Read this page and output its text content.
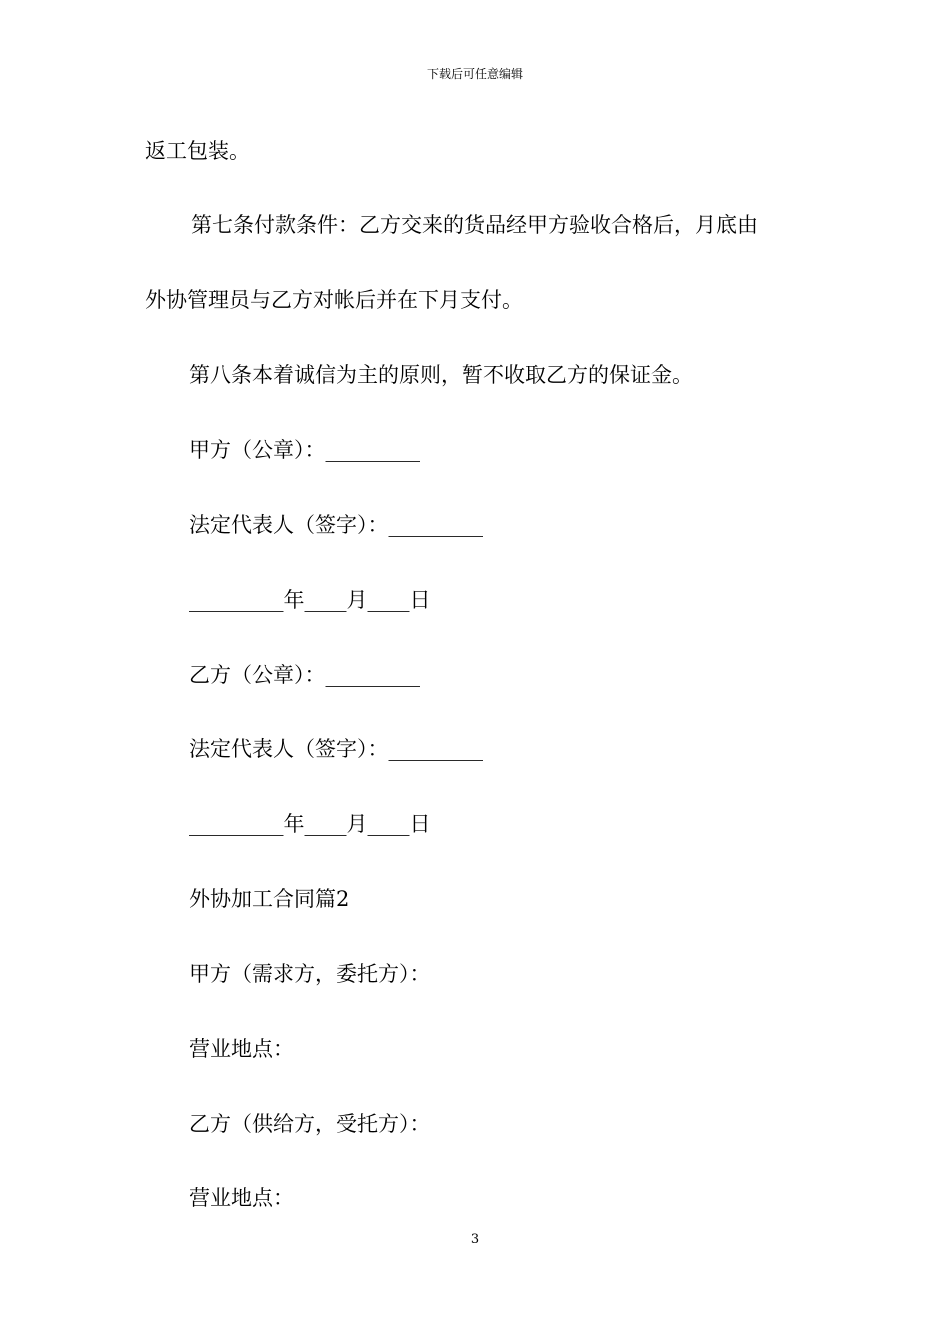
下载后可任意编辑
返工包装。
第七条付款条件：乙方交来的货品经甲方验收合格后，月底由
外协管理员与乙方对帐后并在下月支付。
第八条本着诚信为主的原则，暂不收取乙方的保证金。
甲方（公章）：_________
法定代表人（签字）：_________
_________年____月____日
乙方（公章）：_________
法定代表人（签字）：_________
_________年____月____日
外协加工合同篇2
甲方（需求方，委托方）：
营业地点：
乙方（供给方，受托方）：
营业地点：
3
